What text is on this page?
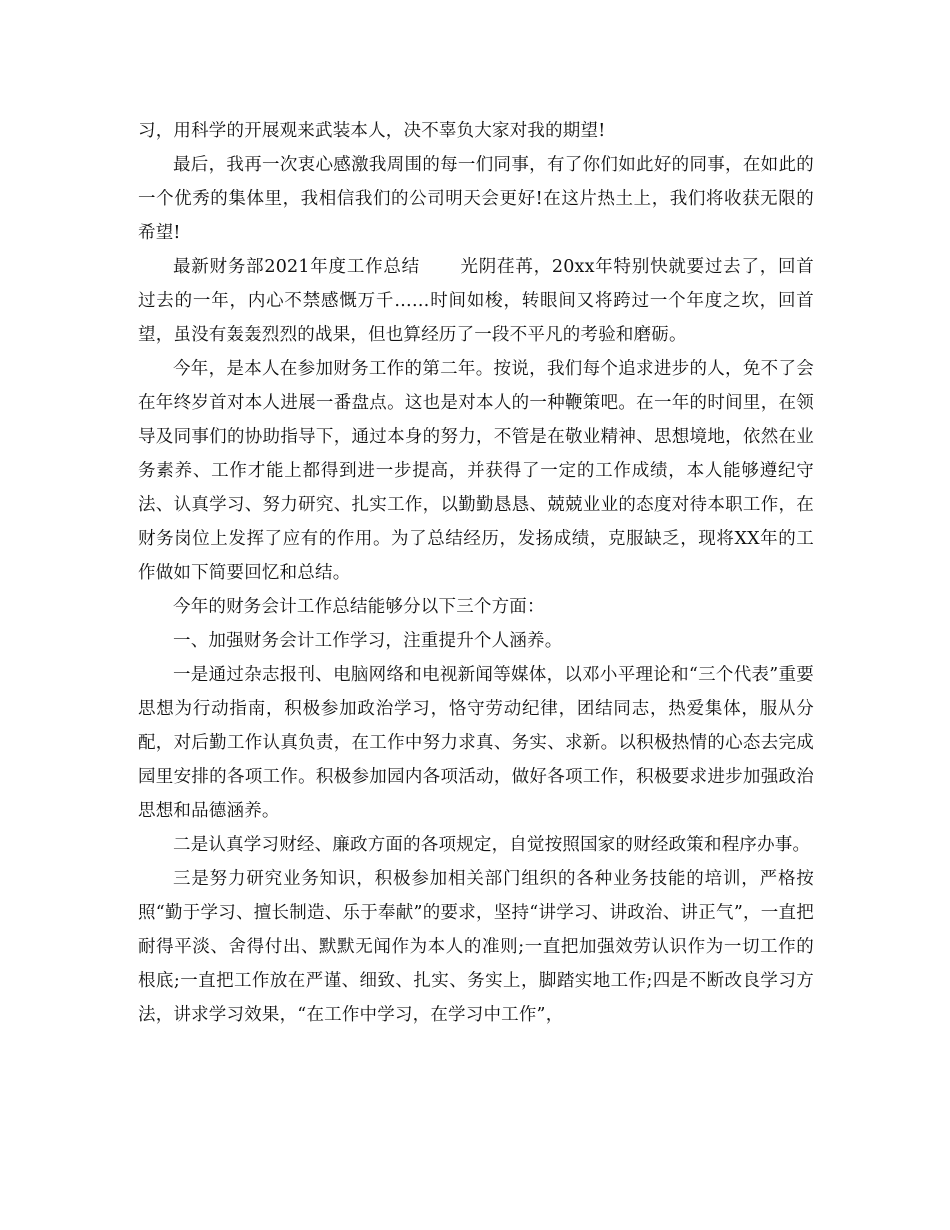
习，用科学的开展观来武装本人，决不辜负大家对我的期望!

最后，我再一次衷心感激我周围的每一们同事，有了你们如此好的同事，在如此的一个优秀的集体里，我相信我们的公司明天会更好!在这片热土上，我们将收获无限的希望!

最新财务部2021年度工作总结 光阴荏苒，20xx年特别快就要过去了，回首过去的一年，内心不禁感慨万千……时间如梭，转眼间又将跨过一个年度之坎，回首望，虽没有轰轰烈烈的战果，但也算经历了一段不平凡的考验和磨砺。

今年，是本人在参加财务工作的第二年。按说，我们每个追求进步的人，免不了会在年终岁首对本人进展一番盘点。这也是对本人的一种鞭策吧。在一年的时间里，在领导及同事们的协助指导下，通过本身的努力，不管是在敬业精神、思想境地，依然在业务素养、工作才能上都得到进一步提高，并获得了一定的工作成绩，本人能够遵纪守法、认真学习、努力研究、扎实工作，以勤勤恳恳、兢兢业业的态度对待本职工作，在财务岗位上发挥了应有的作用。为了总结经历，发扬成绩，克服缺乏，现将XX年的工作做如下简要回忆和总结。

今年的财务会计工作总结能够分以下三个方面：

一、加强财务会计工作学习，注重提升个人涵养。

一是通过杂志报刊、电脑网络和电视新闻等媒体，以邓小平理论和“三个代表”重要思想为行动指南，积极参加政治学习，恪守劳动纪律，团结同志，热爱集体，服从分配，对后勤工作认真负责，在工作中努力求真、务实、求新。以积极热情的心态去完成园里安排的各项工作。积极参加园内各项活动，做好各项工作，积极要求进步加强政治思想和品德涵养。

二是认真学习财经、廉政方面的各项规定，自觉按照国家的财经政策和程序办事。

三是努力研究业务知识，积极参加相关部门组织的各种业务技能的培训，严格按照“勤于学习、擅长制造、乐于奉献”的要求，坚持“讲学习、讲政治、讲正气”，一直把耐得平淡、舍得付出、默默无闻作为本人的准则;一直把加强效劳认识作为一切工作的根底;一直把工作放在严谨、细致、扎实、务实上，脚踏实地工作;四是不断改良学习方法，讲求学习效果，“在工作中学习，在学习中工作”，
